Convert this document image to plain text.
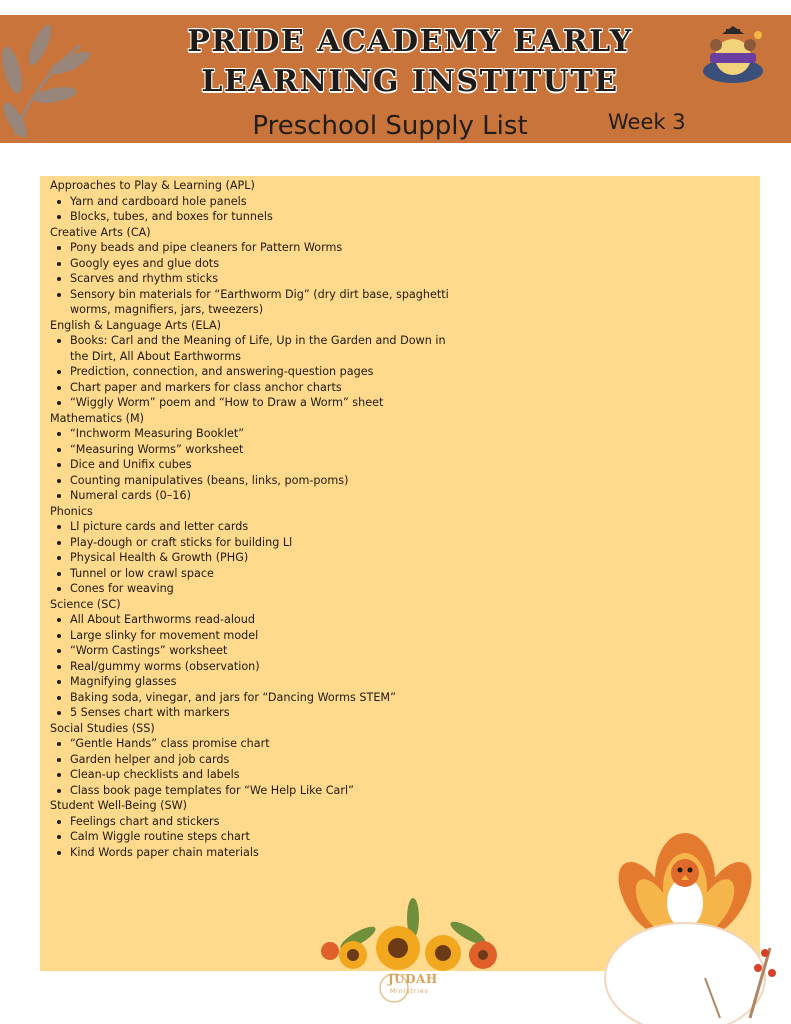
PRIDE ACADEMY EARLY
LEARNING INSTITUTE
Preschool Supply List	Week 3

Approaches to Play & Learning (APL)

Yarn and cardboard hole panels
Blocks, tubes, and boxes for tunnels

Creative Arts (CA)

Pony beads and pipe cleaners for Pattern Worms
Googly eyes and glue dots
Scarves and rhythm sticks
Sensory bin materials for “Earthworm Dig” (dry dirt base, spaghetti worms, magnifiers, jars, tweezers)

English & Language Arts (ELA)

Books: Carl and the Meaning of Life, Up in the Garden and Down in the Dirt, All About Earthworms
Prediction, connection, and answering-question pages
Chart paper and markers for class anchor charts
“Wiggly Worm” poem and “How to Draw a Worm” sheet

Mathematics (M)

“Inchworm Measuring Booklet”
“Measuring Worms” worksheet
Dice and Unifix cubes
Counting manipulatives (beans, links, pom-poms)
Numeral cards (0–16)

Phonics

Ll picture cards and letter cards
Play-dough or craft sticks for building Ll
Physical Health & Growth (PHG)
Tunnel or low crawl space
Cones for weaving

Science (SC)

All About Earthworms read-aloud
Large slinky for movement model
“Worm Castings” worksheet
Real/gummy worms (observation)
Magnifying glasses
Baking soda, vinegar, and jars for “Dancing Worms STEM”
5 Senses chart with markers

Social Studies (SS)

“Gentle Hands” class promise chart
Garden helper and job cards
Clean-up checklists and labels
Class book page templates for “We Help Like Carl”

Student Well-Being (SW)

Feelings chart and stickers
Calm Wiggle routine steps chart
Kind Words paper chain materials
JUDAH
Ministries
